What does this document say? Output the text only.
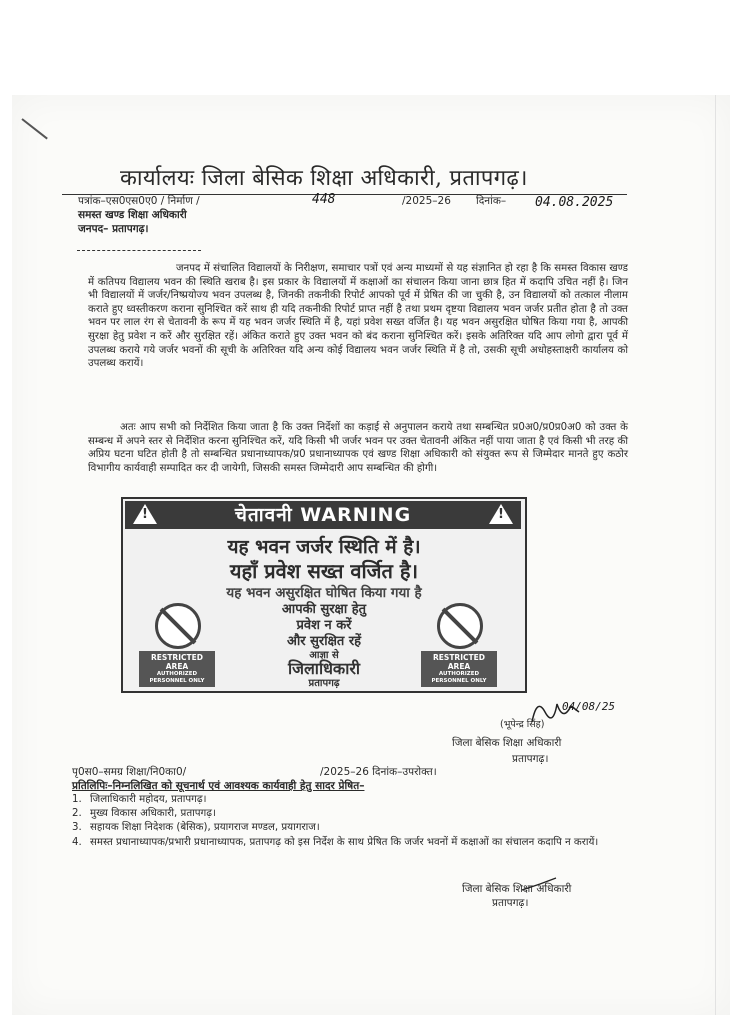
कार्यालयः जिला बेसिक शिक्षा अधिकारी, प्रतापगढ़।
पत्रांक–एस0एस0ए0 / निर्माण /	448	/2025–26 दिनांक– 04.08.2025
समस्त खण्ड शिक्षा अधिकारी
जनपद– प्रतापगढ़।
जनपद में संचालित विद्यालयों के निरीक्षण, समाचार पत्रों एवं अन्य माध्यमों से यह संज्ञानित हो रहा है कि समस्त विकास खण्ड में कतिपय विद्यालय भवन की स्थिति खराब है। इस प्रकार के विद्यालयों में कक्षाओं का संचालन किया जाना छात्र हित में कदापि उचित नहीं है। जिन भी विद्यालयों में जर्जर/निष्प्रयोज्य भवन उपलब्ध है, जिनकी तकनीकी रिपोर्ट आपको पूर्व में प्रेषित की जा चुकी है, उन विद्यालयों को तत्काल नीलाम कराते हुए ध्वस्तीकरण कराना सुनिश्चित करें साथ ही यदि तकनीकी रिपोर्ट प्राप्त नहीं है तथा प्रथम दृष्टया विद्यालय भवन जर्जर प्रतीत होता है तो उक्त भवन पर लाल रंग से चेतावनी के रूप में यह भवन जर्जर स्थिति में है, यहां प्रवेश सख्त वर्जित है। यह भवन असुरक्षित घोषित किया गया है, आपकी सुरक्षा हेतु प्रवेश न करें और सुरक्षित रहें। अंकित कराते हुए उक्त भवन को बंद कराना सुनिश्चित करें। इसके अतिरिक्त यदि आप लोगो द्वारा पूर्व में उपलब्ध कराये गये जर्जर भवनों की सूची के अतिरिक्त यदि अन्य कोई विद्यालय भवन जर्जर स्थिति में है तो, उसकी सूची अधोहस्ताक्षरी कार्यालय को उपलब्ध करायें।
अतः आप सभी को निर्देशित किया जाता है कि उक्त निर्देशों का कड़ाई से अनुपालन कराये तथा सम्बन्धित प्र0अ0/प्र0प्र0अ0 को उक्त के सम्बन्ध में अपने स्तर से निर्देशित करना सुनिश्चित करें, यदि किसी भी जर्जर भवन पर उक्त चेतावनी अंकित नहीं पाया जाता है एवं किसी भी तरह की अप्रिय घटना घटित होती है तो सम्बन्धित प्रधानाध्यापक/प्र0 प्रधानाध्यापक एवं खण्ड शिक्षा अधिकारी को संयुक्त रूप से जिम्मेदार मानते हुए कठोर विभागीय कार्यवाही सम्पादित कर दी जायेगी, जिसकी समस्त जिम्मेदारी आप सम्बन्धित की होगी।
!
चेतावनी WARNING
!
यह भवन जर्जर स्थिति में है।
यहाँ प्रवेश सख्त वर्जित है।
यह भवन असुरक्षित घोषित किया गया है
आपकी सुरक्षा हेतु
प्रवेश न करें
और सुरक्षित रहें
आज्ञा से
जिलाधिकारी
प्रतापगढ़
RESTRICTED AREA
AUTHORIZED PERSONNEL ONLY
RESTRICTED AREA
AUTHORIZED PERSONNEL ONLY
04/08/25
(भूपेन्द्र सिंह)
जिला बेसिक शिक्षा अधिकारी
प्रतापगढ़।
पृ0स0–समग्र शिक्षा/नि0का0/	/2025–26 दिनांक–उपरोक्त।
प्रतिलिपिः–निम्नलिखित को सूचनार्थ एवं आवश्यक कार्यवाही हेतु सादर प्रेषित–
1. जिलाधिकारी महोदय, प्रतापगढ़।
2. मुख्य विकास अधिकारी, प्रतापगढ़।
3. सहायक शिक्षा निदेशक (बेसिक), प्रयागराज मण्डल, प्रयागराज।
4. समस्त प्रधानाध्यापक/प्रभारी प्रधानाध्यापक, प्रतापगढ़ को इस निर्देश के साथ प्रेषित कि जर्जर भवनों में कक्षाओं का संचालन कदापि न करायें।
जिला बेसिक शिक्षा अधिकारी
प्रतापगढ़।
